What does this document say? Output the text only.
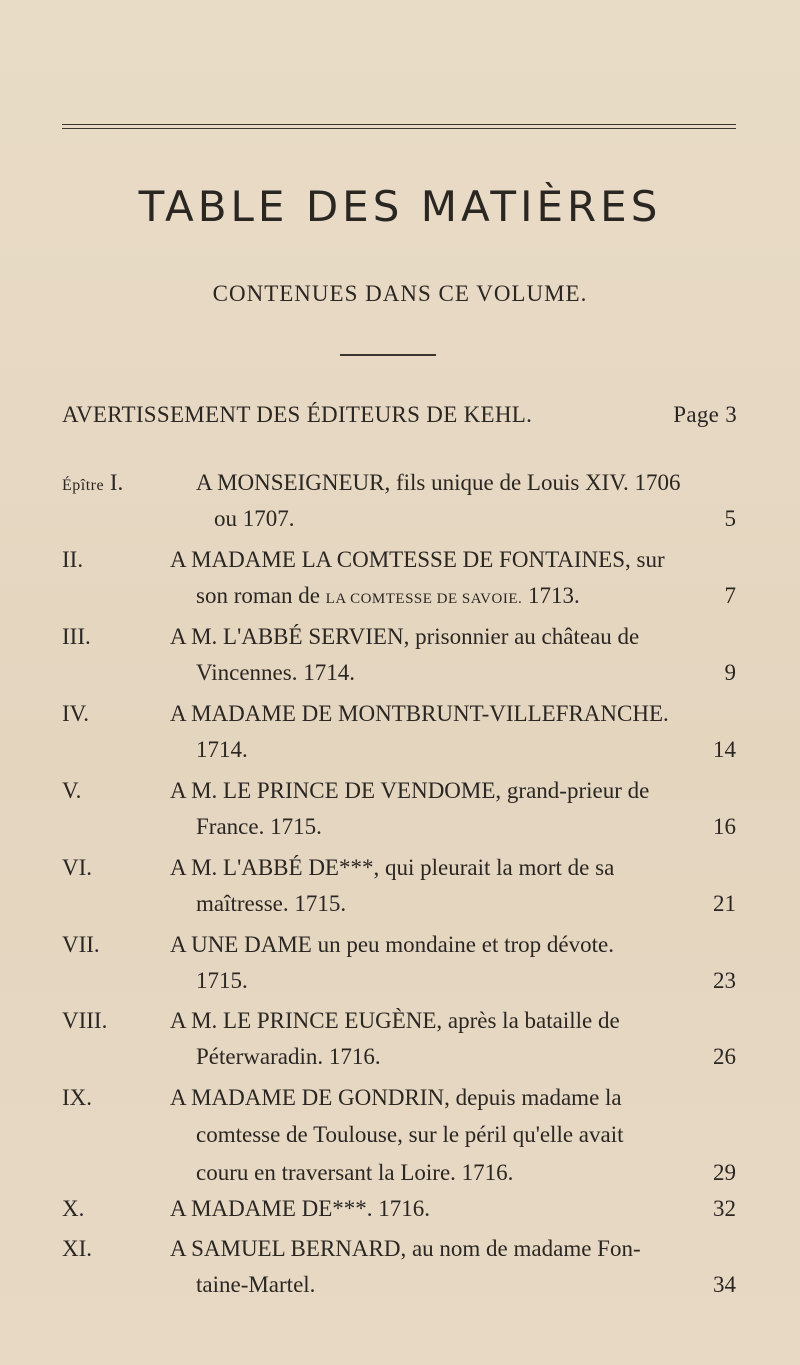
TABLE DES MATIÈRES
CONTENUES DANS CE VOLUME.
AVERTISSEMENT DES ÉDITEURS DE KEHL.	Page 3
Épître I.	A MONSEIGNEUR, fils unique de Louis XIV. 1706
ou 1707.	5
II.	A MADAME LA COMTESSE DE FONTAINES, sur
son roman de LA COMTESSE DE SAVOIE. 1713.	7
III.	A M. L'ABBÉ SERVIEN, prisonnier au château de
Vincennes. 1714.	9
IV.	A MADAME DE MONTBRUNT-VILLEFRANCHE.
1714.	14
V.	A M. LE PRINCE DE VENDOME, grand-prieur de
France. 1715.	16
VI.	A M. L'ABBÉ DE***, qui pleurait la mort de sa
maîtresse. 1715.	21
VII.	A UNE DAME un peu mondaine et trop dévote.
1715.	23
VIII.	A M. LE PRINCE EUGÈNE, après la bataille de
Péterwaradin. 1716.	26
IX.	A MADAME DE GONDRIN, depuis madame la
comtesse de Toulouse, sur le péril qu'elle avait
couru en traversant la Loire. 1716.	29
X.	A MADAME DE***. 1716.	32
XI.	A SAMUEL BERNARD, au nom de madame Fon-
taine-Martel.	34
